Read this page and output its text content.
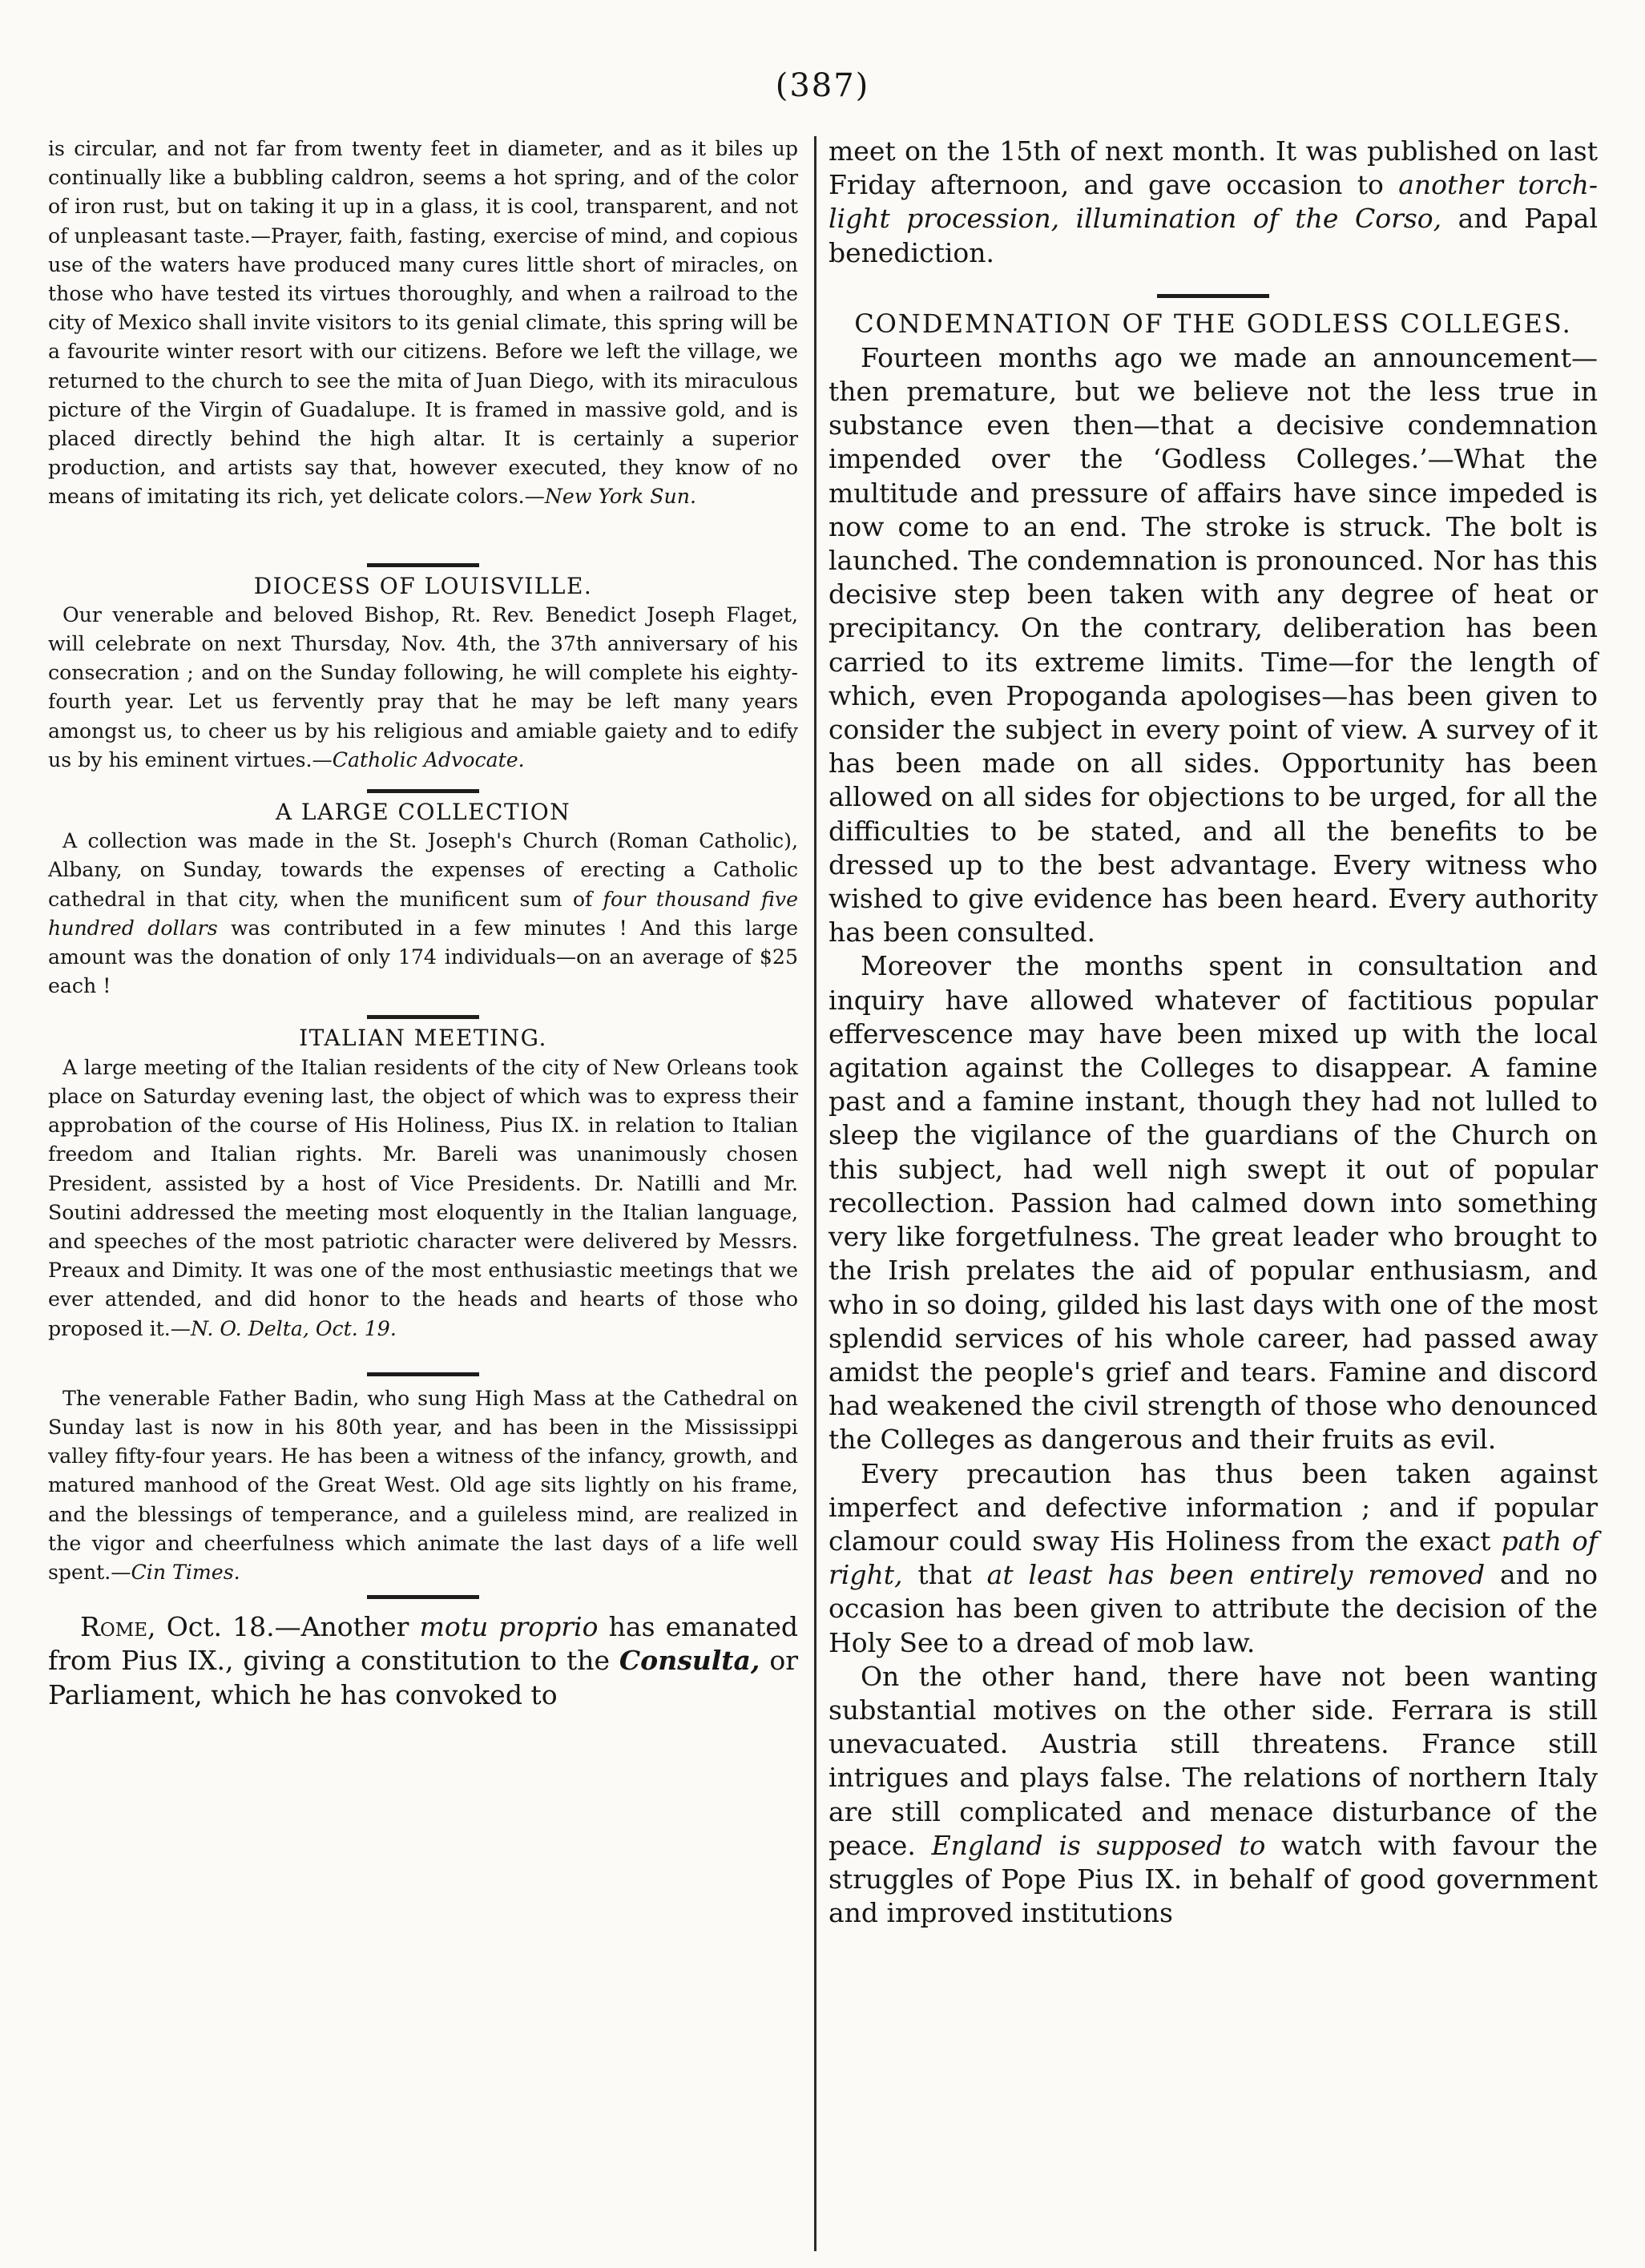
(387)

is circular, and not far from twenty feet in diameter, and as it biles up continually like a bubbling caldron, seems a hot spring, and of the color of iron rust, but on taking it up in a glass, it is cool, transparent, and not of unpleasant taste.—Prayer, faith, fasting, exercise of mind, and copious use of the waters have produced many cures little short of miracles, on those who have tested its virtues thoroughly, and when a railroad to the city of Mexico shall invite visitors to its genial climate, this spring will be a favourite winter resort with our citizens. Before we left the village, we returned to the church to see the mita of Juan Diego, with its miraculous picture of the Virgin of Guadalupe. It is framed in massive gold, and is placed directly behind the high altar. It is certainly a superior production, and artists say that, however executed, they know of no means of imitating its rich, yet delicate colors.—New York Sun.

DIOCESS OF LOUISVILLE.

Our venerable and beloved Bishop, Rt. Rev. Benedict Joseph Flaget, will celebrate on next Thursday, Nov. 4th, the 37th anniversary of his consecration ; and on the Sunday following, he will complete his eighty-fourth year. Let us fervently pray that he may be left many years amongst us, to cheer us by his religious and amiable gaiety and to edify us by his eminent virtues.—Catholic Advocate.

A LARGE COLLECTION

A collection was made in the St. Joseph's Church (Roman Catholic), Albany, on Sunday, towards the expenses of erecting a Catholic cathedral in that city, when the munificent sum of four thousand five hundred dollars was contributed in a few minutes ! And this large amount was the donation of only 174 individuals—on an average of $25 each !

ITALIAN MEETING.

A large meeting of the Italian residents of the city of New Orleans took place on Saturday evening last, the object of which was to express their approbation of the course of His Holiness, Pius IX. in relation to Italian freedom and Italian rights. Mr. Bareli was unanimously chosen President, assisted by a host of Vice Presidents. Dr. Natilli and Mr. Soutini addressed the meeting most eloquently in the Italian language, and speeches of the most patriotic character were delivered by Messrs. Preaux and Dimity. It was one of the most enthusiastic meetings that we ever attended, and did honor to the heads and hearts of those who proposed it.—N. O. Delta, Oct. 19.

The venerable Father Badin, who sung High Mass at the Cathedral on Sunday last is now in his 80th year, and has been in the Mississippi valley fifty-four years. He has been a witness of the infancy, growth, and matured manhood of the Great West. Old age sits lightly on his frame, and the blessings of temperance, and a guileless mind, are realized in the vigor and cheerfulness which animate the last days of a life well spent.—Cin Times.

Rome, Oct. 18.—Another motu proprio has emanated from Pius IX., giving a constitution to the Consulta, or Parliament, which he has convoked to

meet on the 15th of next month. It was published on last Friday afternoon, and gave occasion to another torch-light procession, illumination of the Corso, and Papal benediction.

CONDEMNATION OF THE GODLESS COLLEGES.

Fourteen months ago we made an announcement—then premature, but we believe not the less true in substance even then—that a decisive condemnation impended over the ‘Godless Colleges.’—What the multitude and pressure of affairs have since impeded is now come to an end. The stroke is struck. The bolt is launched. The condemnation is pronounced. Nor has this decisive step been taken with any degree of heat or precipitancy. On the contrary, deliberation has been carried to its extreme limits. Time—for the length of which, even Propoganda apologises—has been given to consider the subject in every point of view. A survey of it has been made on all sides. Opportunity has been allowed on all sides for objections to be urged, for all the difficulties to be stated, and all the benefits to be dressed up to the best advantage. Every witness who wished to give evidence has been heard. Every authority has been consulted.

Moreover the months spent in consultation and inquiry have allowed whatever of factitious popular effervescence may have been mixed up with the local agitation against the Colleges to disappear. A famine past and a famine instant, though they had not lulled to sleep the vigilance of the guardians of the Church on this subject, had well nigh swept it out of popular recollection. Passion had calmed down into something very like forgetfulness. The great leader who brought to the Irish prelates the aid of popular enthusiasm, and who in so doing, gilded his last days with one of the most splendid services of his whole career, had passed away amidst the people's grief and tears. Famine and discord had weakened the civil strength of those who denounced the Colleges as dangerous and their fruits as evil.

Every precaution has thus been taken against imperfect and defective information ; and if popular clamour could sway His Holiness from the exact path of right, that at least has been entirely removed and no occasion has been given to attribute the decision of the Holy See to a dread of mob law.

On the other hand, there have not been wanting substantial motives on the other side. Ferrara is still unevacuated. Austria still threatens. France still intrigues and plays false. The relations of northern Italy are still complicated and menace disturbance of the peace. England is supposed to watch with favour the struggles of Pope Pius IX. in behalf of good government and improved institutions
